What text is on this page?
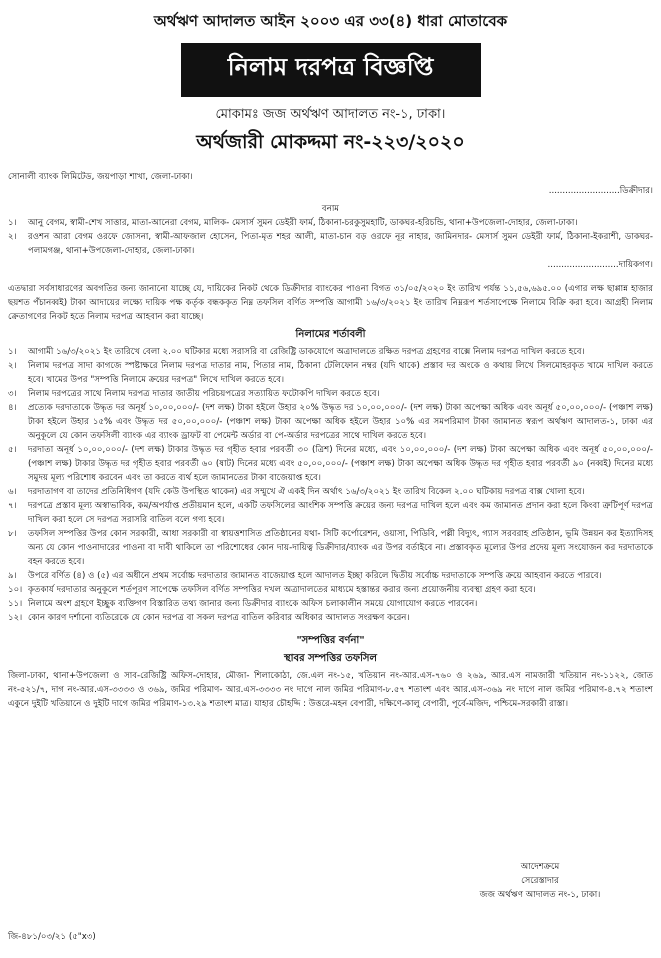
অর্থঋণ আদালত আইন ২০০৩ এর ৩৩(৪) ধারা মোতাবেক
নিলাম দরপত্র বিজ্ঞপ্তি
মোকামঃ জজ অর্থঋণ আদালত নং-১, ঢাকা।
অর্থজারী মোকদ্দমা নং-২২৩/২০২০
সোনালী ব্যাংক লিমিটেড, জয়পাড়া শাখা, জেলা-ঢাকা।
..........................ডিক্রীদার।
বনাম
১।	আনু বেগম, স্বামী-শেখ সাত্তার, মাতা-আনেরা বেগম, মালিক- মেসার্স সুমন ডেইরী ফার্ম, ঠিকানা-চরকুসুমহাটি, ডাকঘর-হরিচন্ডি, থানা+উপজেলা-দোহার, জেলা-ঢাকা।
২।	রওশন আরা বেগম ওরফে জোসনা, স্বামী-আফজাল হোসেন, পিতা-মৃত শহর আলী, মাতা-চান বড় ওরফে নূর নাহার, জামিনদার- মেসার্স সুমন ডেইরী ফার্ম, ঠিকানা-ইকরাশী, ডাকঘর-পলামগঞ্জ, থানা+উপজেলা-দোহার, জেলা-ঢাকা।
..........................দায়িকগণ।
এতদ্বারা সর্বসাধারণের অবগতির জন্য জানানো যাচ্ছে যে, দায়িকের নিকট থেকে ডিক্রীদার ব্যাংকের পাওনা বিগত ৩১/০৫/২০২০ ইং তারিখ পর্যন্ত ১১,৫৬,৬৯৫.০০ (এগার লক্ষ ছাপ্পান্ন হাজার ছয়শত পঁচানব্বই) টাকা আদায়ের লক্ষ্যে দায়িক পক্ষ কর্তৃক বন্ধককৃত নিম্ন তফসিল বর্ণিত সম্পত্তি আগামী ১৬/৩/২০২১ ইং তারিখ নিম্নরূপ শর্তসাপেক্ষে নিলামে বিক্রি করা হবে। আগ্রহী নিলাম ক্রেতাগণের নিকট হতে নিলাম দরপত্র আহবান করা যাচ্ছে।
নিলামের শর্তাবলী
১।	আগামী ১৬/৩/২০২১ ইং তারিখে বেলা ২.০০ ঘটিকার মধ্যে সরাসরি বা রেজিষ্ট্রি ডাকযোগে অত্রাদালতে রক্ষিত দরপত্র গ্রহণের বাক্সে নিলাম দরপত্র দাখিল করতে হবে।
২।	নিলাম দরপত্র সাদা কাগজে স্পষ্টাক্ষরে নিলাম দরপত্র দাতার নাম, পিতার নাম, ঠিকানা টেলিফোন নম্বর (যদি থাকে) প্রস্তাব দর অংকে ও কথায় লিখে সিলমোহরকৃত খামে দাখিল করতে হবে। খামের উপর "সম্পত্তি নিলামে ক্রয়ের দরপত্র" লিখে দাখিল করতে হবে।
৩।	নিলাম দরপত্রের সাথে নিলাম দরপত্র দাতার জাতীয় পরিচয়পত্রের সত্যায়িত ফটোকপি দাখিল করতে হবে।
৪।	প্রত্যেক দরদাতাকে উদ্ধৃত দর অনূর্ধ ১০,০০,০০০/- (দশ লক্ষ) টাকা হইলে উহার ২০% উদ্ধৃত দর ১০,০০,০০০/- (দশ লক্ষ) টাকা অপেক্ষা অধিক এবং অনূর্ধ ৫০,০০,০০০/- (পঞ্চাশ লক্ষ) টাকা হইলে উহার ১৫% এবং উদ্ধৃত দর ৫০,০০,০০০/- (পঞ্চাশ লক্ষ) টাকা অপেক্ষা অধিক হইলে উহার ১০% এর সমপরিমাণ টাকা জামানত স্বরূপ অর্থঋণ আদালত-১, ঢাকা এর অনুকূলে যে কোন তফসিলী ব্যাংক এর ব্যাংক ড্রাফট বা পেমেন্ট অর্ডার বা পে-অর্ডার দরপত্রের সাথে দাখিল করতে হবে।
৫।	দরদাতা অনূর্ধ ১০,০০,০০০/- (দশ লক্ষ) টাকার উদ্ধৃত দর গৃহীত হবার পরবর্তী ৩০ (ত্রিশ) দিনের মধ্যে, এবং ১০,০০,০০০/- (দশ লক্ষ) টাকা অপেক্ষা অধিক এবং অনূর্ধ ৫০,০০,০০০/- (পঞ্চাশ লক্ষ) টাকার উদ্ধৃত দর গৃহীত হবার পরবর্তী ৬০ (ষাট) দিনের মধ্যে এবং ৫০,০০,০০০/- (পঞ্চাশ লক্ষ) টাকা অপেক্ষা অধিক উদ্ধৃত দর গৃহীত হবার পরবর্তী ৯০ (নব্বই) দিনের মধ্যে সমুদয় মূল্য পরিশোধ করবেন এবং তা করতে ব্যর্থ হলে জামানতের টাকা বাজেয়াপ্ত হবে।
৬।	দরদাতাগণ বা তাদের প্রতিনিধিগণ (যদি কেউ উপস্থিত থাকেন) এর সম্মুখে ঐ একই দিন অর্থাৎ ১৬/৩/২০২১ ইং তারিখ বিকেল ২.০০ ঘটিকায় দরপত্র বাক্স খোলা হবে।
৭।	দরপত্রে প্রস্তাব মূল্য অস্বাভাবিক, কম/অপর্যাপ্ত প্রতীয়মান হলে, একটি তফসিলের আংশিক সম্পত্তি ক্রয়ের জন্য দরপত্র দাখিল হলে এবং কম জামানত প্রদান করা হলে কিংবা ত্রুটিপূর্ণ দরপত্র দাখিল করা হলে সে দরপত্র সরাসরি বাতিল বলে গণ্য হবে।
৮।	তফসিল সম্পত্তির উপর কোন সরকারী, আধা সরকারী বা স্বায়ত্তশাসিত প্রতিষ্ঠানের যথা- সিটি কর্পোরেশন, ওয়াসা, পিডিবি, পল্লী বিদ্যুৎ, গ্যাস সরবরাহ প্রতিষ্ঠান, ভূমি উন্নয়ন কর ইত্যাদিসহ অন্য যে কোন পাওনাদারের পাওনা বা দাবী থাকিলে তা পরিশোধের কোন দায়-দায়িত্ব ডিক্রীদার/ব্যাংক এর উপর বর্তাইবে না। প্রস্তাবকৃত মূল্যের উপর প্রদেয় মূল্য সংযোজন কর দরদাতাকে বহন করতে হবে।
৯।	উপরে বর্ণিত (৪) ও (৫) এর অধীনে প্রথম সর্বোচ্চ দরদাতার জামানত বাজেয়াপ্ত হলে আদালত ইচ্ছা করিলে দ্বিতীয় সর্বোচ্চ দরদাতাকে সম্পত্তি ক্রয়ে আহবান করতে পারবে।
১০। কৃতকার্য দরদাতার অনুকূলে শর্তপূরণ সাপেক্ষে তফসিল বর্ণিত সম্পত্তির দখল অত্রাদালতের মাধ্যমে হস্তান্তর করার জন্য প্রয়োজনীয় ব্যবস্থা গ্রহণ করা হবে।
১১। নিলামে অংশ গ্রহণে ইচ্ছুক ব্যক্তিগণ বিস্তারিত তথ্য জানার জন্য ডিক্রীদার ব্যাংকে অফিস চলাকালীন সময়ে যোগাযোগ করতে পারবেন।
১২। কোন কারণ দর্শানো ব্যতিরেকে যে কোন দরপত্র বা সকল দরপত্র বাতিল করিবার অধিকার আদালত সংরক্ষণ করেন।
"সম্পত্তির বর্ণনা"
স্থাবর সম্পত্তির তফসিল
জিলা-ঢাকা, থানা+উপজেলা ও সাব-রেজিষ্ট্রি অফিস-দোহার, মৌজা- শিলাকোঠা, জে.এল নং-১৫, খতিয়ান নং-আর.এস-৭৬০ ও ২৬৯, আর.এস নামজারী খতিয়ান নং-১১২২, জোত নং-৫২১/৭, দাগ নং-আর.এস-৩৩৩৩ ও ৩৬৯, জমির পরিমাণ- আর.এস-৩৩৩৩ নং দাগে নাল জমির পরিমাণ-৮.৫৭ শতাংশ এবং আর.এস-৩৬৯ নং দাগে নাল জমির পরিমাণ-৪.৭২ শতাংশ একুনে দুইটি খতিয়ানে ও দুইটি দাগে জমির পরিমাণ-১৩.২৯ শতাংশ মাত্র। যাহার চৌহদ্দি : উত্তরে-মহন বেপারী, দক্ষিণে-কালু বেপারী, পূর্বে-মজিদ, পশ্চিমে-সরকারী রাস্তা।
আদেশক্রমে
সেরেস্তাদার
জজ অর্থঋণ আদালত নং-১, ঢাকা।
জি-৪৮১/০৩/২১ (৫"x৩)
